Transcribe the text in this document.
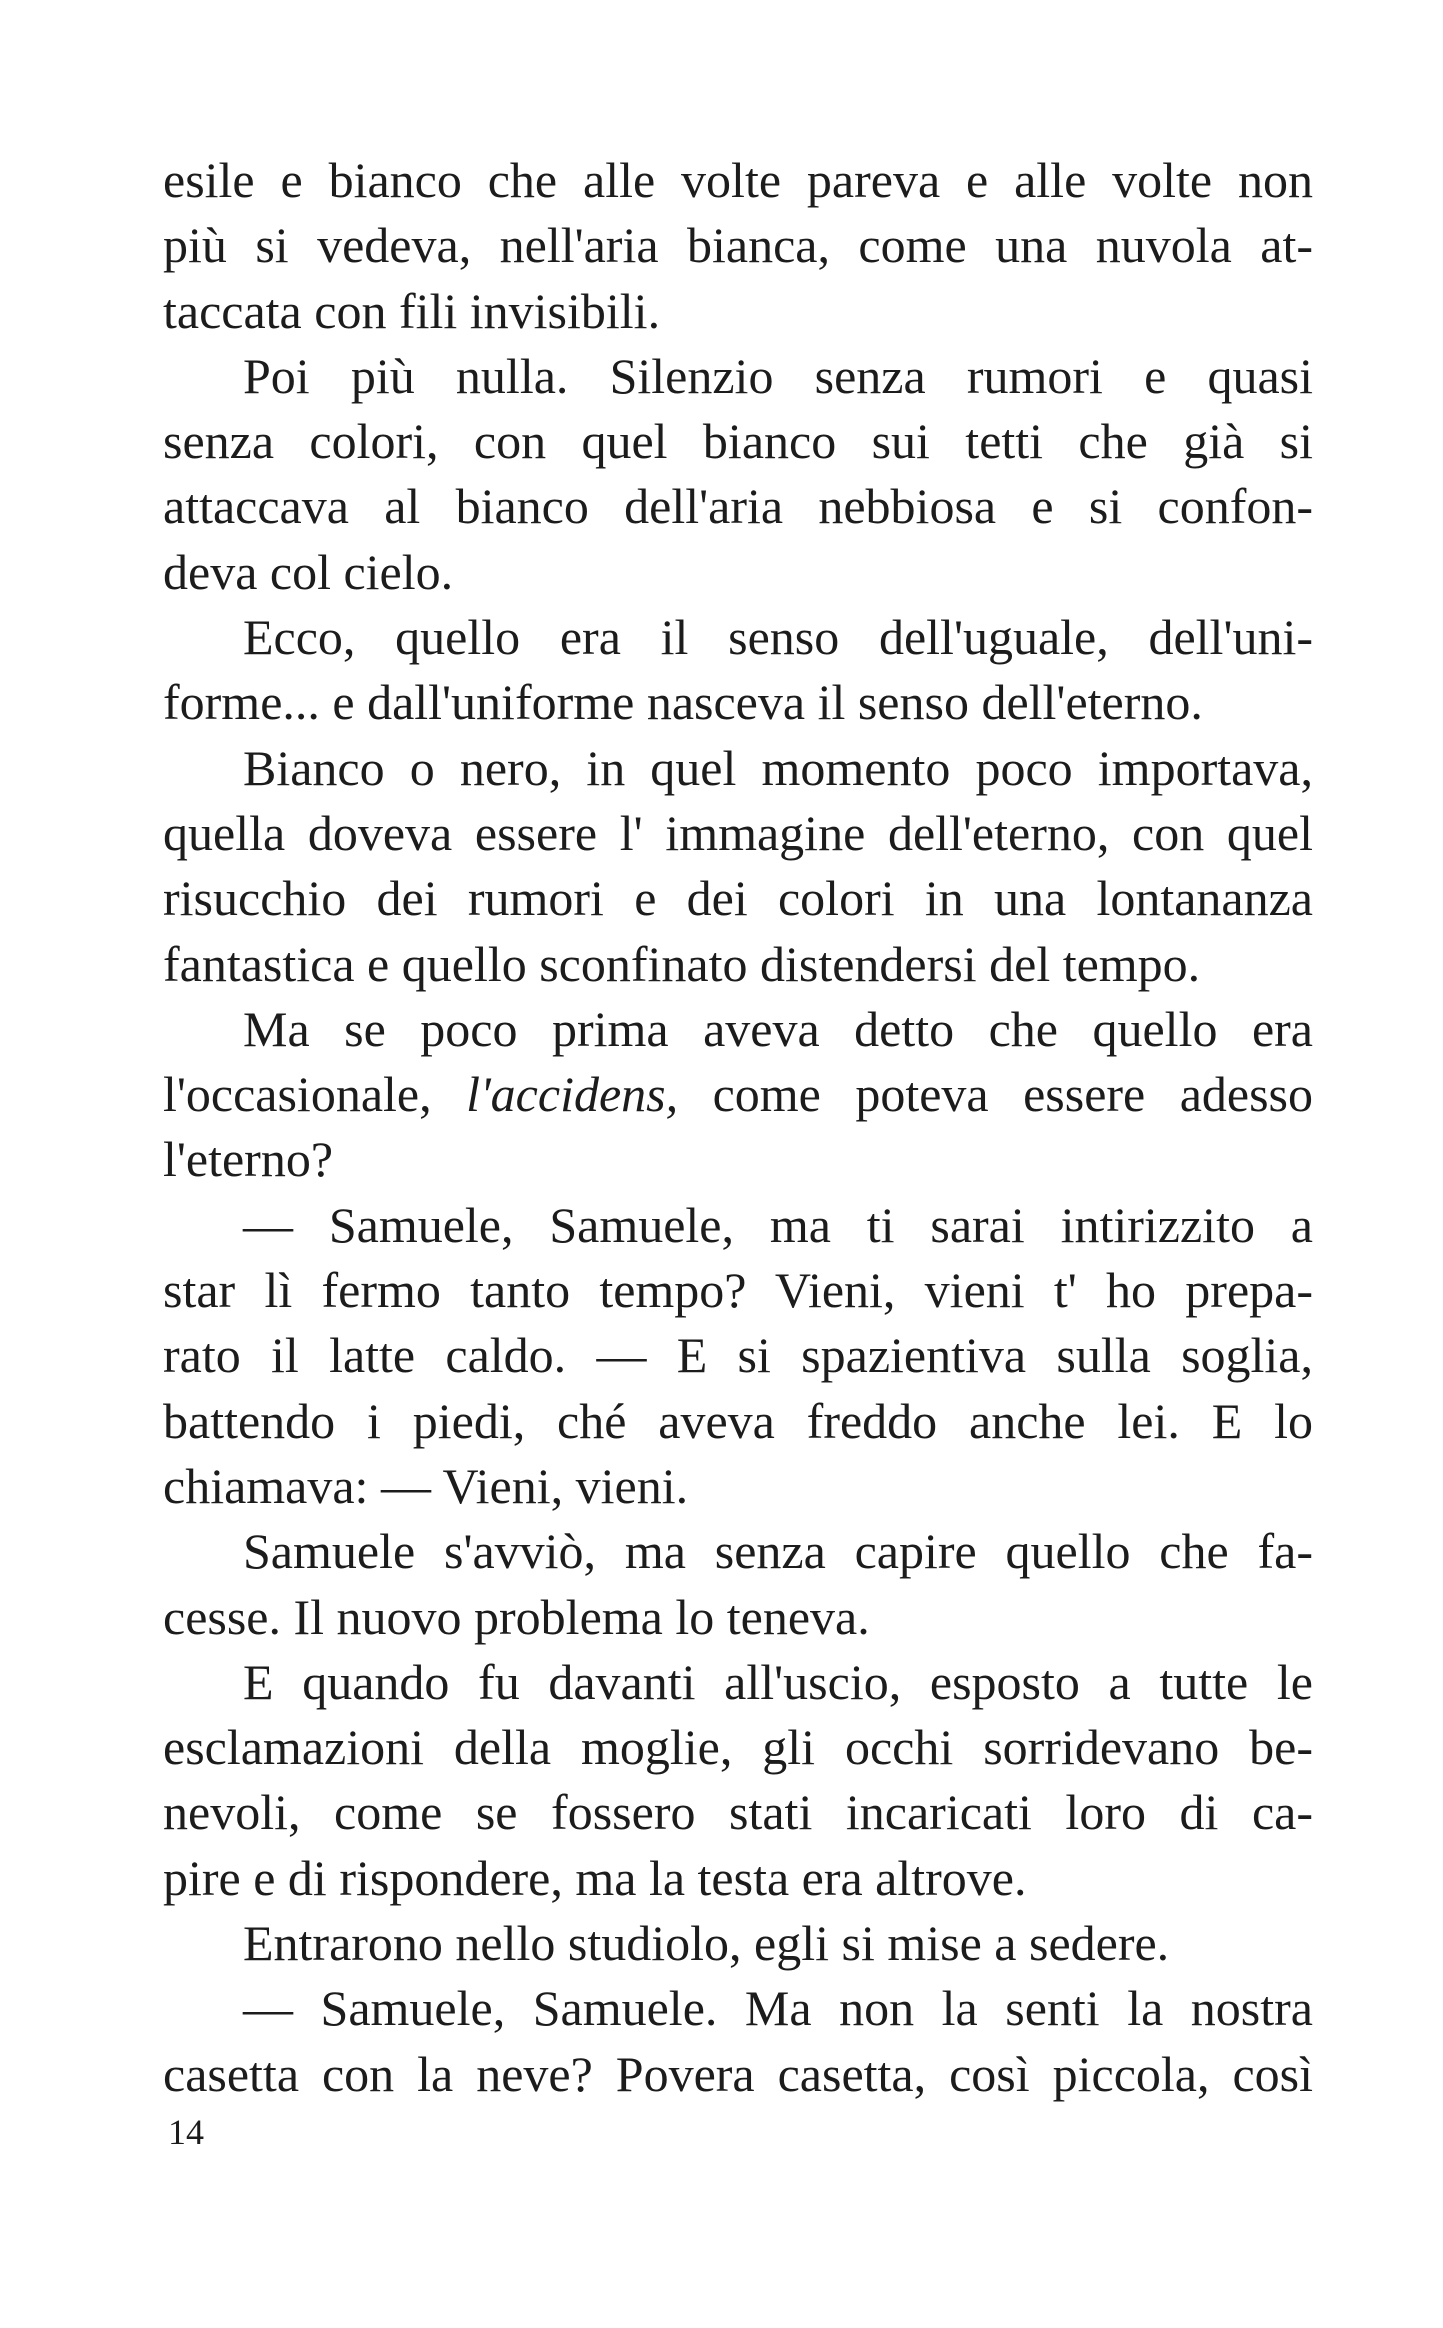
esile e bianco che alle volte pareva e alle volte non
più si vedeva, nell'aria bianca, come una nuvola at-
taccata con fili invisibili.
Poi più nulla. Silenzio senza rumori e quasi
senza colori, con quel bianco sui tetti che già si
attaccava al bianco dell'aria nebbiosa e si confon-
deva col cielo.
Ecco, quello era il senso dell'uguale, dell'uni-
forme... e dall'uniforme nasceva il senso dell'eterno.
Bianco o nero, in quel momento poco importava,
quella doveva essere l' immagine dell'eterno, con quel
risucchio dei rumori e dei colori in una lontananza
fantastica e quello sconfinato distendersi del tempo.
Ma se poco prima aveva detto che quello era
l'occasionale, l'accidens, come poteva essere adesso
l'eterno?
— Samuele, Samuele, ma ti sarai intirizzito a
star lì fermo tanto tempo? Vieni, vieni t' ho prepa-
rato il latte caldo. — E si spazientiva sulla soglia,
battendo i piedi, ché aveva freddo anche lei. E lo
chiamava: — Vieni, vieni.
Samuele s'avviò, ma senza capire quello che fa-
cesse. Il nuovo problema lo teneva.
E quando fu davanti all'uscio, esposto a tutte le
esclamazioni della moglie, gli occhi sorridevano be-
nevoli, come se fossero stati incaricati loro di ca-
pire e di rispondere, ma la testa era altrove.
Entrarono nello studiolo, egli si mise a sedere.
— Samuele, Samuele. Ma non la senti la nostra
casetta con la neve? Povera casetta, così piccola, così
14
